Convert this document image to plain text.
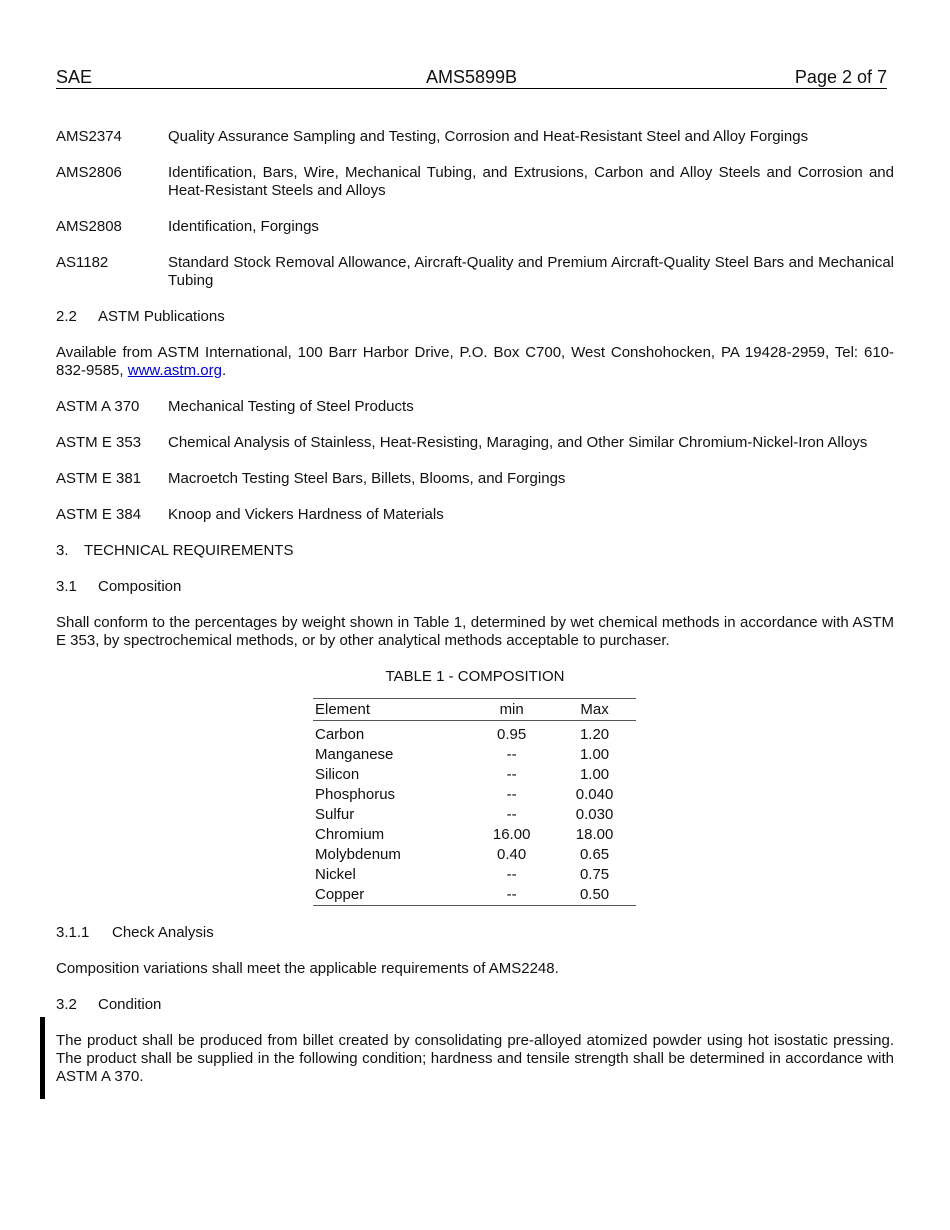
SAE	AMS5899B	Page 2 of 7
AMS2374	Quality Assurance Sampling and Testing, Corrosion and Heat-Resistant Steel and Alloy Forgings
AMS2806	Identification, Bars, Wire, Mechanical Tubing, and Extrusions, Carbon and Alloy Steels and Corrosion and Heat-Resistant Steels and Alloys
AMS2808	Identification, Forgings
AS1182	Standard Stock Removal Allowance, Aircraft-Quality and Premium Aircraft-Quality Steel Bars and Mechanical Tubing
2.2 ASTM Publications
Available from ASTM International, 100 Barr Harbor Drive, P.O. Box C700, West Conshohocken, PA 19428-2959, Tel: 610-832-9585, www.astm.org.
ASTM A 370	Mechanical Testing of Steel Products
ASTM E 353	Chemical Analysis of Stainless, Heat-Resisting, Maraging, and Other Similar Chromium-Nickel-Iron Alloys
ASTM E 381	Macroetch Testing Steel Bars, Billets, Blooms, and Forgings
ASTM E 384	Knoop and Vickers Hardness of Materials
3. TECHNICAL REQUIREMENTS
3.1 Composition
Shall conform to the percentages by weight shown in Table 1, determined by wet chemical methods in accordance with ASTM E 353, by spectrochemical methods, or by other analytical methods acceptable to purchaser.
TABLE 1 - COMPOSITION
Element	min	Max
Carbon	0.95	1.20
Manganese	--	1.00
Silicon	--	1.00
Phosphorus	--	0.040
Sulfur	--	0.030
Chromium	16.00	18.00
Molybdenum	0.40	0.65
Nickel	--	0.75
Copper	--	0.50
3.1.1 Check Analysis
Composition variations shall meet the applicable requirements of AMS2248.
3.2 Condition
The product shall be produced from billet created by consolidating pre-alloyed atomized powder using hot isostatic pressing. The product shall be supplied in the following condition; hardness and tensile strength shall be determined in accordance with ASTM A 370.
